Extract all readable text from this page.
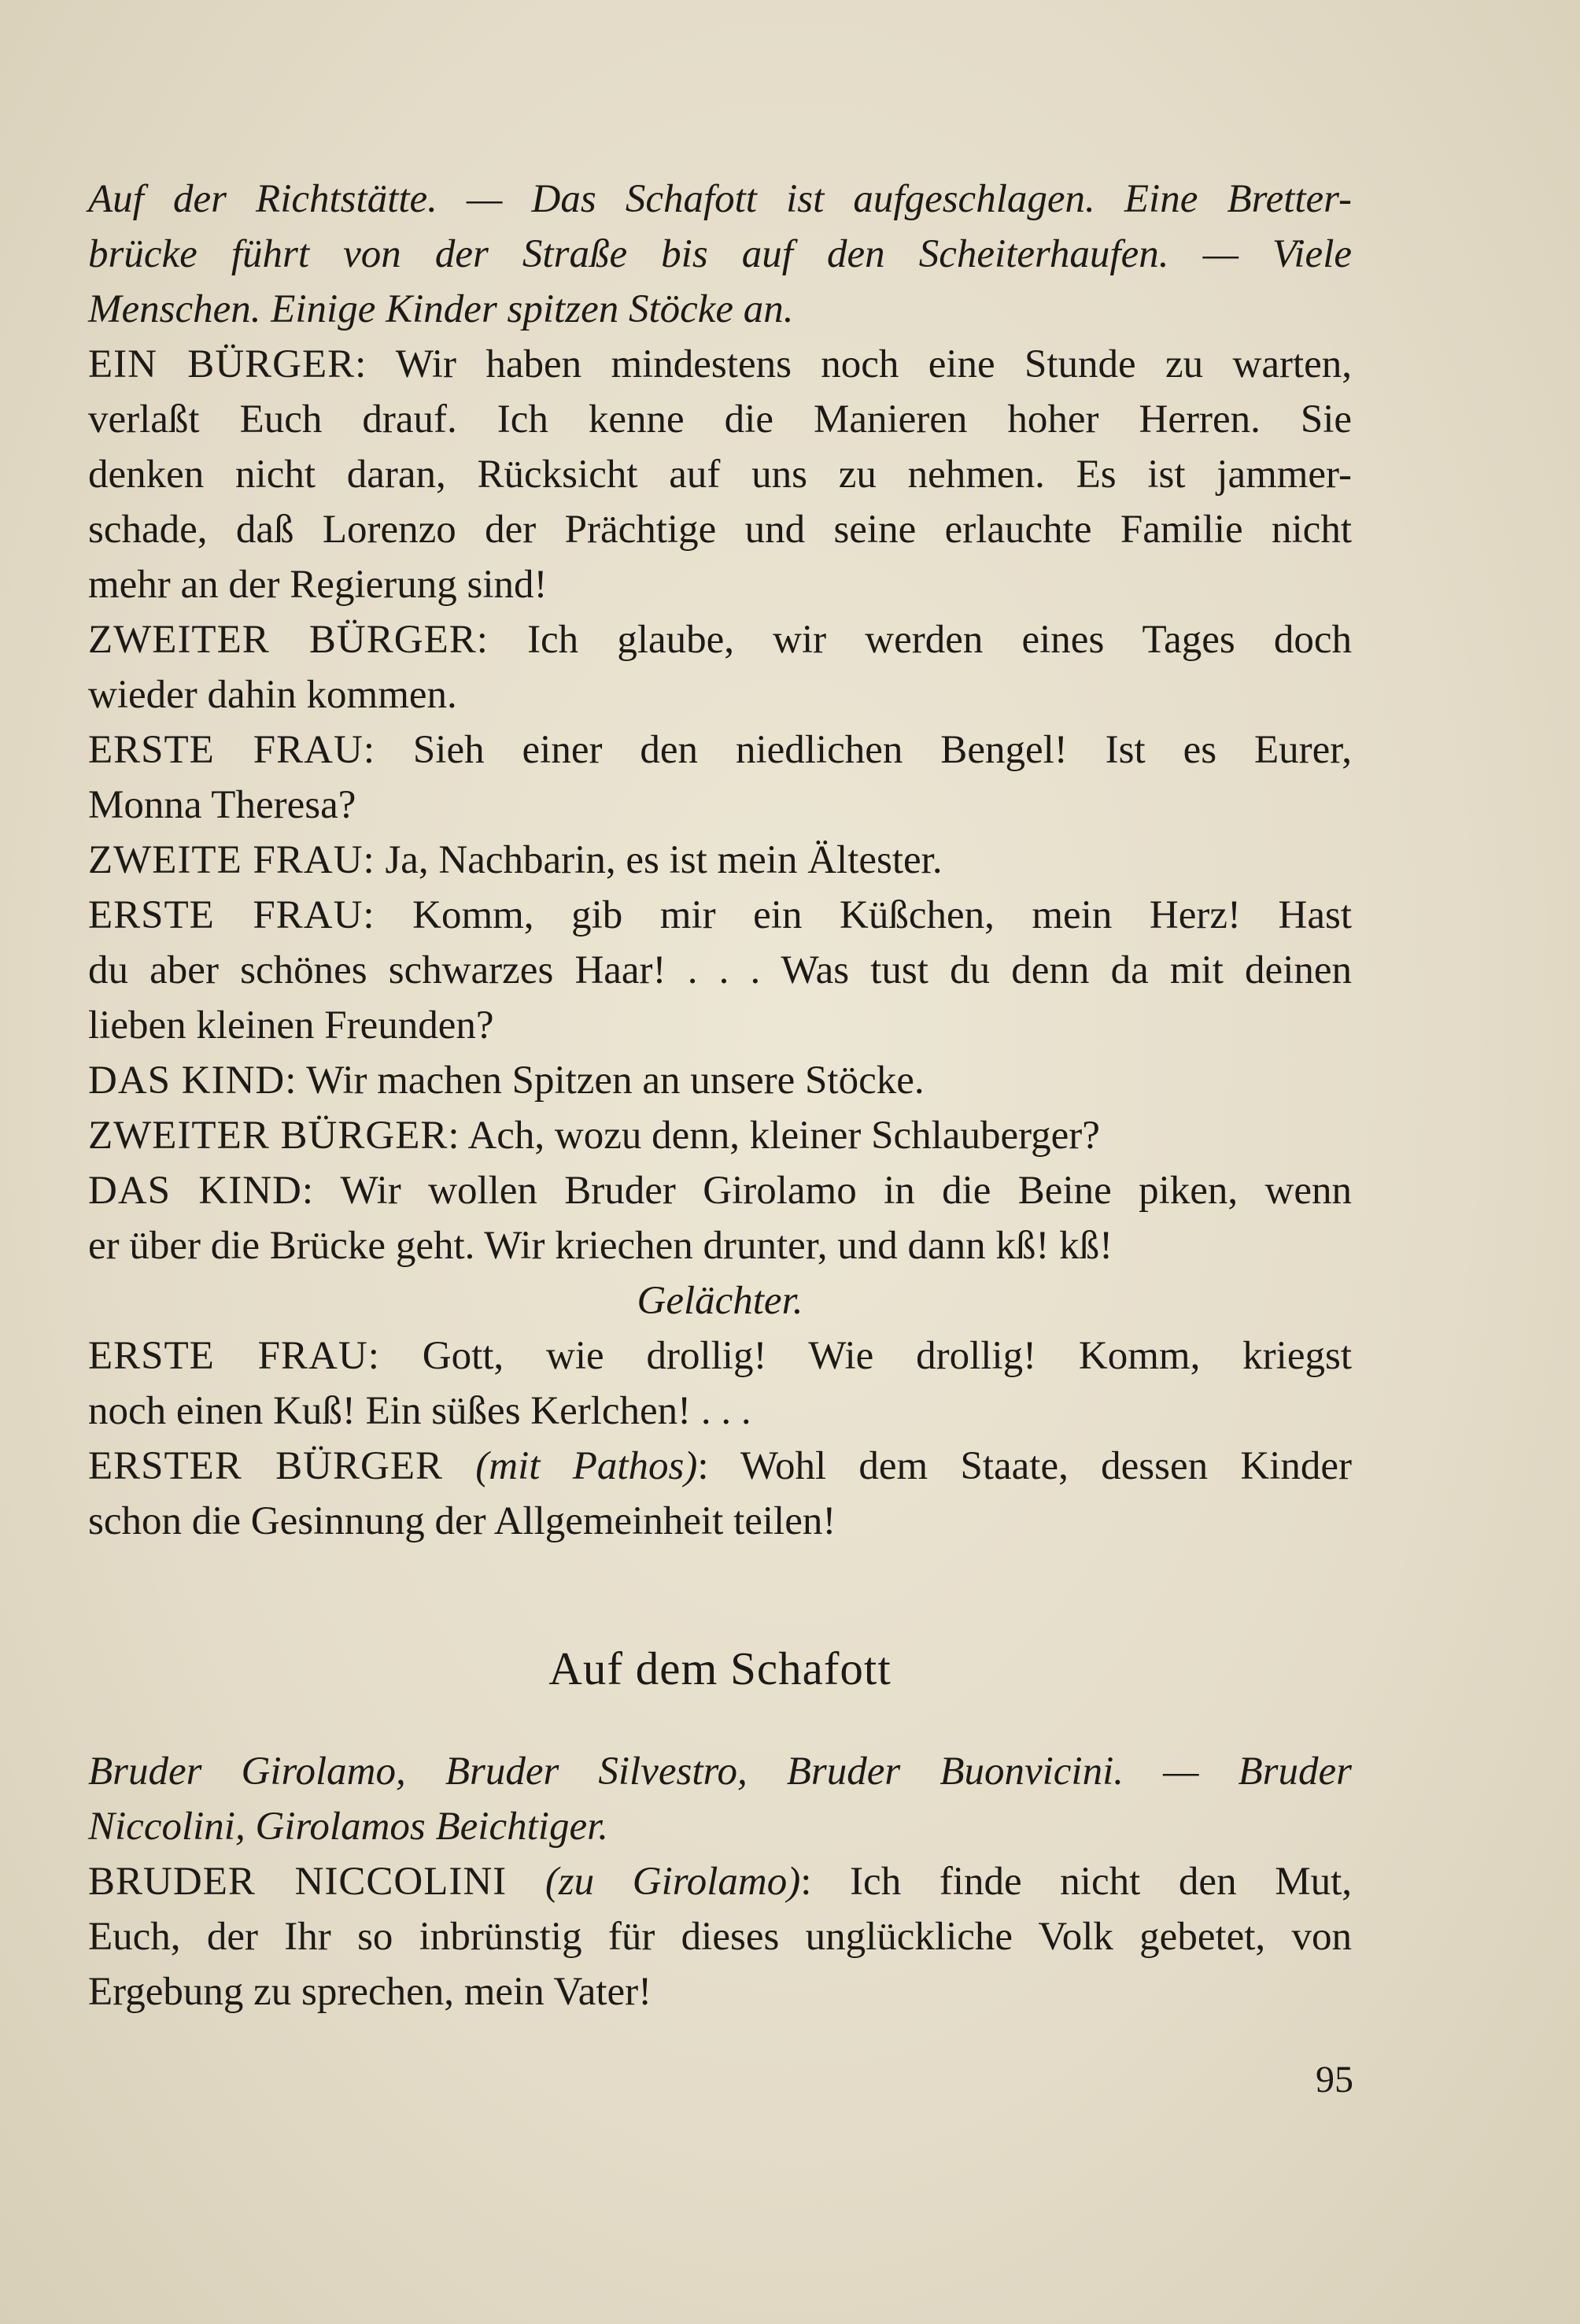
Auf der Richtstätte. — Das Schafott ist aufgeschlagen. Eine Bretter-
brücke führt von der Straße bis auf den Scheiterhaufen. — Viele
Menschen. Einige Kinder spitzen Stöcke an.
EIN BÜRGER: Wir haben mindestens noch eine Stunde zu warten,
verlaßt Euch drauf. Ich kenne die Manieren hoher Herren. Sie
denken nicht daran, Rücksicht auf uns zu nehmen. Es ist jammer-
schade, daß Lorenzo der Prächtige und seine erlauchte Familie nicht
mehr an der Regierung sind!
ZWEITER BÜRGER: Ich glaube, wir werden eines Tages doch
wieder dahin kommen.
ERSTE FRAU: Sieh einer den niedlichen Bengel! Ist es Eurer,
Monna Theresa?
ZWEITE FRAU: Ja, Nachbarin, es ist mein Ältester.
ERSTE FRAU: Komm, gib mir ein Küßchen, mein Herz! Hast
du aber schönes schwarzes Haar! . . . Was tust du denn da mit deinen
lieben kleinen Freunden?
DAS KIND: Wir machen Spitzen an unsere Stöcke.
ZWEITER BÜRGER: Ach, wozu denn, kleiner Schlauberger?
DAS KIND: Wir wollen Bruder Girolamo in die Beine piken, wenn
er über die Brücke geht. Wir kriechen drunter, und dann kß! kß!
Gelächter.
ERSTE FRAU: Gott, wie drollig! Wie drollig! Komm, kriegst
noch einen Kuß! Ein süßes Kerlchen! . . .
ERSTER BÜRGER (mit Pathos): Wohl dem Staate, dessen Kinder
schon die Gesinnung der Allgemeinheit teilen!
Auf dem Schafott
Bruder Girolamo, Bruder Silvestro, Bruder Buonvicini. — Bruder
Niccolini, Girolamos Beichtiger.
BRUDER NICCOLINI (zu Girolamo): Ich finde nicht den Mut,
Euch, der Ihr so inbrünstig für dieses unglückliche Volk gebetet, von
Ergebung zu sprechen, mein Vater!
95
